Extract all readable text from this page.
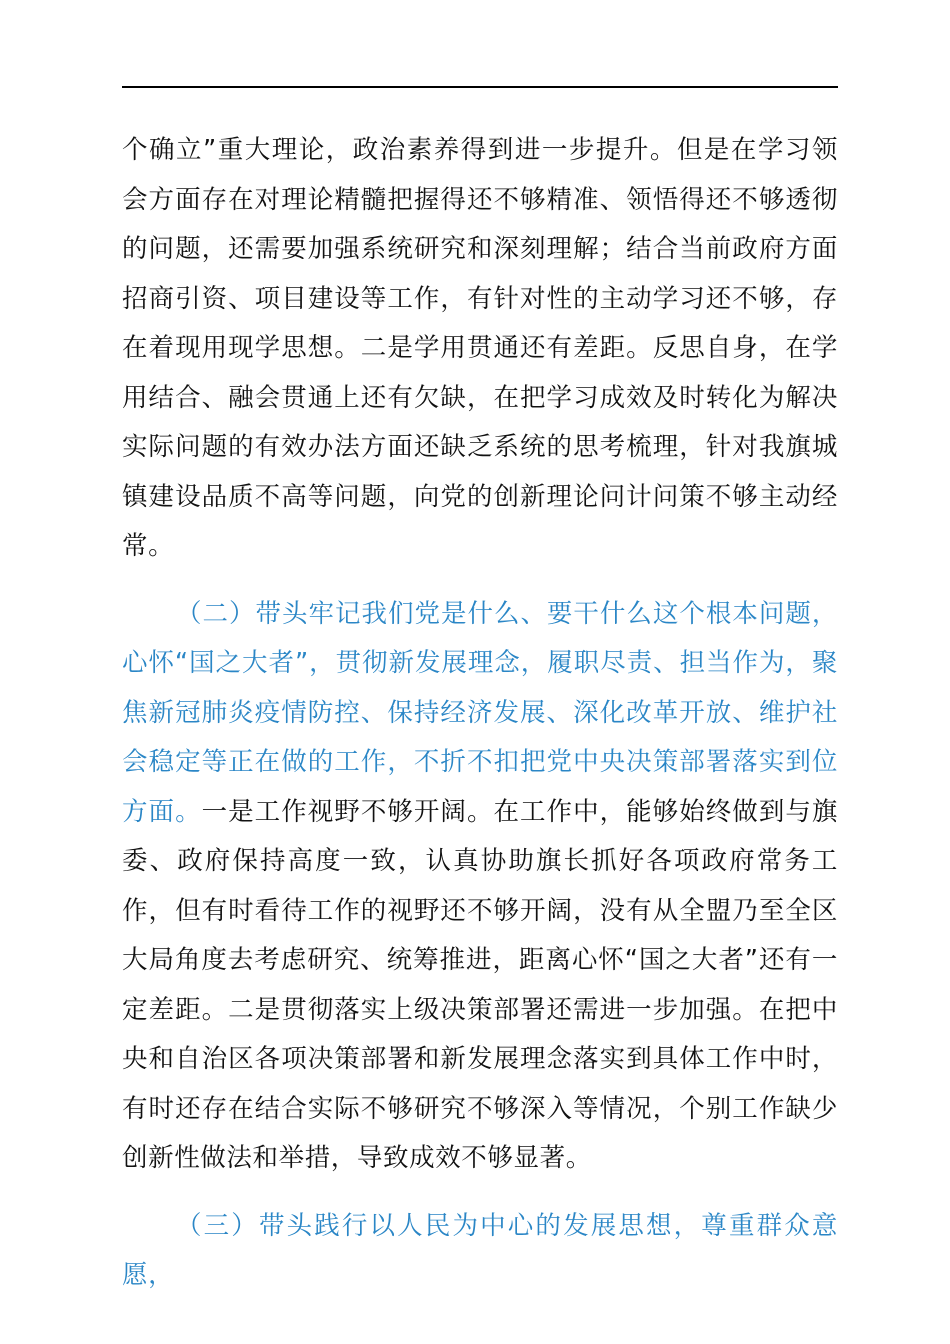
个确立”重大理论，政治素养得到进一步提升。但是在学习领会方面存在对理论精髓把握得还不够精准、领悟得还不够透彻的问题，还需要加强系统研究和深刻理解；结合当前政府方面招商引资、项目建设等工作，有针对性的主动学习还不够，存在着现用现学思想。二是学用贯通还有差距。反思自身，在学用结合、融会贯通上还有欠缺，在把学习成效及时转化为解决实际问题的有效办法方面还缺乏系统的思考梳理，针对我旗城镇建设品质不高等问题，向党的创新理论问计问策不够主动经常。

（二）带头牢记我们党是什么、要干什么这个根本问题，心怀“国之大者”，贯彻新发展理念，履职尽责、担当作为，聚焦新冠肺炎疫情防控、保持经济发展、深化改革开放、维护社会稳定等正在做的工作，不折不扣把党中央决策部署落实到位方面。一是工作视野不够开阔。在工作中，能够始终做到与旗委、政府保持高度一致，认真协助旗长抓好各项政府常务工作，但有时看待工作的视野还不够开阔，没有从全盟乃至全区大局角度去考虑研究、统筹推进，距离心怀“国之大者”还有一定差距。二是贯彻落实上级决策部署还需进一步加强。在把中央和自治区各项决策部署和新发展理念落实到具体工作中时，有时还存在结合实际不够研究不够深入等情况，个别工作缺少创新性做法和举措，导致成效不够显著。

（三）带头践行以人民为中心的发展思想，尊重群众意愿，
